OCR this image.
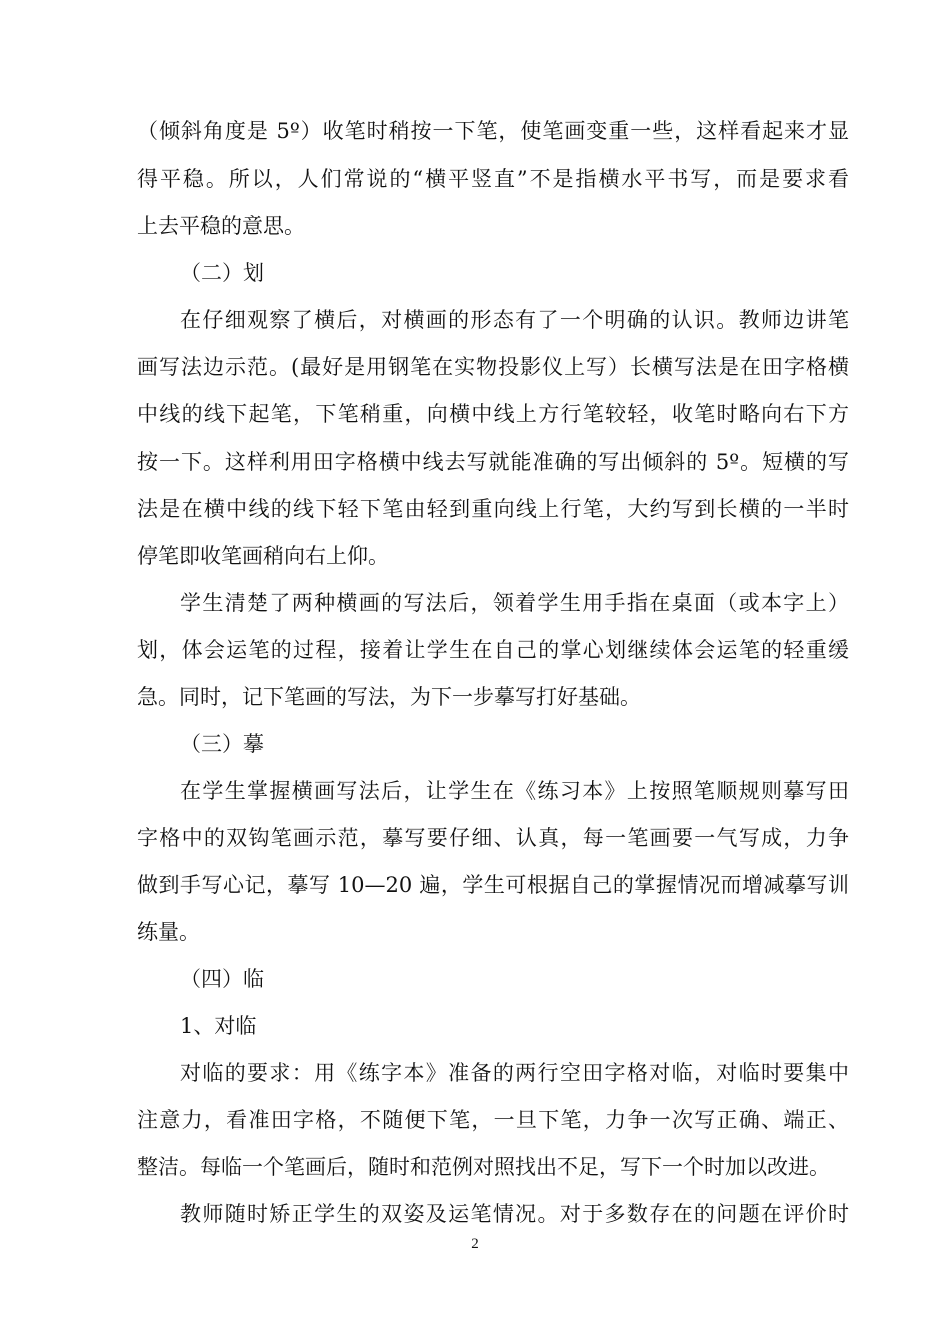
（倾斜角度是 5º）收笔时稍按一下笔，使笔画变重一些，这样看起来才显
得平稳。所以，人们常说的“横平竖直”不是指横水平书写，而是要求看
上去平稳的意思。
（二）划
在仔细观察了横后，对横画的形态有了一个明确的认识。教师边讲笔
画写法边示范。(最好是用钢笔在实物投影仪上写）长横写法是在田字格横
中线的线下起笔，下笔稍重，向横中线上方行笔较轻，收笔时略向右下方
按一下。这样利用田字格横中线去写就能准确的写出倾斜的 5º。短横的写
法是在横中线的线下轻下笔由轻到重向线上行笔，大约写到长横的一半时
停笔即收笔画稍向右上仰。
学生清楚了两种横画的写法后，领着学生用手指在桌面（或本字上）
划，体会运笔的过程，接着让学生在自己的掌心划继续体会运笔的轻重缓
急。同时，记下笔画的写法，为下一步摹写打好基础。
（三）摹
在学生掌握横画写法后，让学生在《练习本》上按照笔顺规则摹写田
字格中的双钩笔画示范，摹写要仔细、认真，每一笔画要一气写成，力争
做到手写心记，摹写 10—20 遍，学生可根据自己的掌握情况而增减摹写训
练量。
（四）临
1、对临
对临的要求：用《练字本》准备的两行空田字格对临，对临时要集中
注意力，看准田字格，不随便下笔，一旦下笔，力争一次写正确、端正、
整洁。每临一个笔画后，随时和范例对照找出不足，写下一个时加以改进。
教师随时矫正学生的双姿及运笔情况。对于多数存在的问题在评价时
2
